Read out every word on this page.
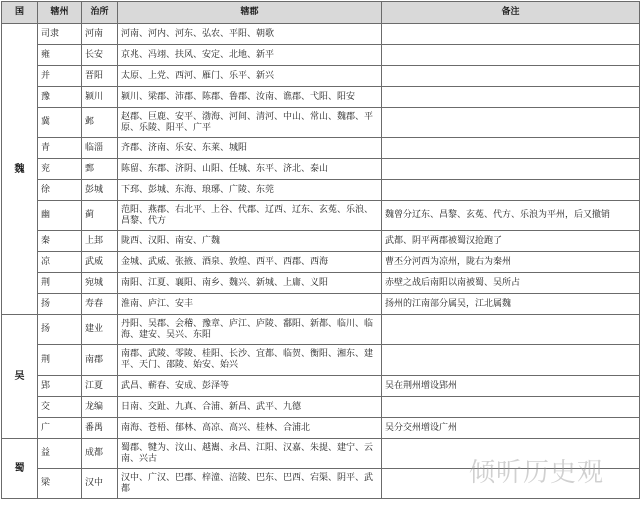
国	辖州	治所	辖郡	备注
魏	司隶	河南	河南、河内、河东、弘农、平阳、朝歌	
	雍	长安	京兆、冯翊、扶风、安定、北地、新平	
	并	晋阳	太原、上党、西河、雁门、乐平、新兴	
	豫	颍川	颍川、梁郡、沛郡、陈郡、鲁郡、汝南、谯郡、弋阳、阳安	
	冀	邺	赵郡、巨鹿、安平、渤海、河间、清河、中山、常山、魏郡、平原、乐陵、阳平、广平	
	青	临淄	齐郡、济南、乐安、东莱、城阳	
	兖	鄄	陈留、东郡、济阴、山阳、任城、东平、济北、泰山	
	徐	彭城	下邳、彭城、东海、琅琊、广陵、东莞	
	幽	蓟	范阳、燕郡、右北平、上谷、代郡、辽西、辽东、玄菟、乐浪、昌黎、代方	魏曾分辽东、昌黎、玄菟、代方、乐浪为平州，后又撤销
	秦	上邽	陇西、汉阳、南安、广魏	武都、阴平两郡被蜀汉抢跑了
	凉	武威	金城、武威、张掖、酒泉、敦煌、西平、西郡、西海	曹丕分河西为凉州，陇右为秦州
	荆	宛城	南阳、江夏、襄阳、南乡、魏兴、新城、上庸、义阳	赤壁之战后南阳以南被蜀、吴所占
	扬	寿春	淮南、庐江、安丰	扬州的江南部分属吴，江北属魏
吴	扬	建业	丹阳、吴郡、会稽、豫章、庐江、庐陵、鄱阳、新都、临川、临海、建安、吴兴、东阳	
	荆	南郡	南郡、武陵、零陵、桂阳、长沙、宜都、临贺、衡阳、湘东、建平、天门、邵陵、始安、始兴	
	郢	江夏	武昌、蕲春、安成、彭泽等	吴在荆州增设郢州
	交	龙编	日南、交趾、九真、合浦、新昌、武平、九德	
	广	番禺	南海、苍梧、郁林、高凉、高兴、桂林、合浦北	吴分交州增设广州
蜀	益	成都	蜀郡、犍为、汶山、越巂、永昌、江阳、汉嘉、朱提、建宁、云南、兴古	
	梁	汉中	汉中、广汉、巴郡、梓潼、涪陵、巴东、巴西、宕渠、阴平、武都	
倾听历史观
